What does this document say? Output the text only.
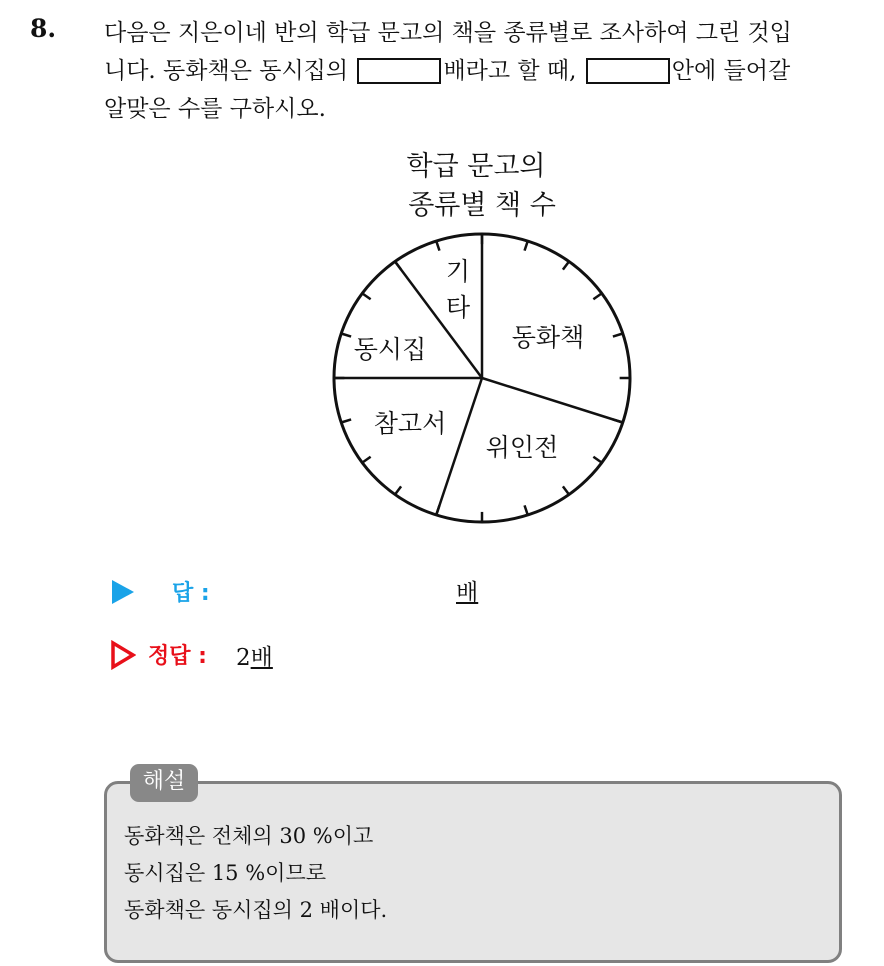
8. 다음은 지은이네 반의 학급 문고의 책을 종류별로 조사하여 그린 것입
니다. 동화책은 동시집의	배라고 할 때,	안에 들어갈
알맞은 수를 구하시오.
학급 문고의
종류별 책 수
동화책
위인전
참고서
동시집
기
타
답 :	배
정답 : 2배
해설
동화책은 전체의 30 %이고
동시집은 15 %이므로
동화책은 동시집의 2 배이다.
